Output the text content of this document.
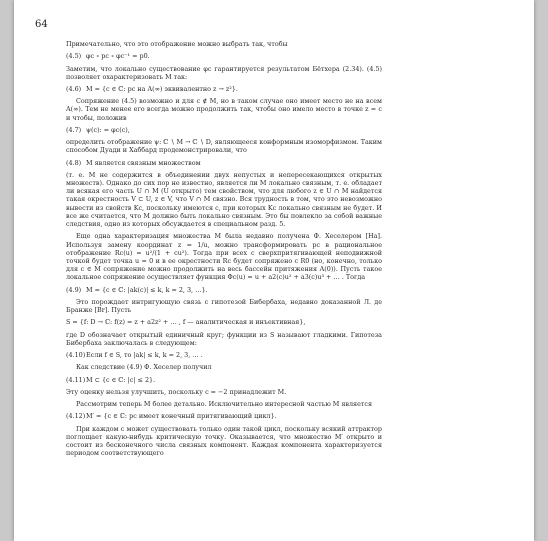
64

Примечательно, что это отображение можно выбрать так, чтобы

(4.5) φc ∘ pc ∘ φc⁻¹ = p0.

Заметим, что локально существование φc гарантируется результатом Бётхера (2.34). (4.5) позволяет охарактеризовать M так:

(4.6) M = {c ∈ ℂ: pc на A(∞) эквивалентно z → z²}.

Сопряжение (4.5) возможно и для c ∉ M, но в таком случае оно имеет место не на всем A(∞). Тем не менее его всегда можно продолжить так, чтобы оно имело место в точке z = c и чтобы, положив

(4.7) ψ(c): = φc(c),

определить отображение ψ: ℂ ∖ M → ℂ ∖ D, являющееся конформным изоморфизмом. Таким способом Дуади и Хаббард продемонстрировали, что

(4.8) M является связным множеством

(т. е. M не содержится в объединении двух непустых и непересекающихся открытых множеств). Однако до сих пор не известно, является ли M локально связным, т. е. обладает ли всякая его часть U ∩ M (U открыто) тем свойством, что для любого z ∈ U ∩ M найдется такая окрестность V ⊂ U, z ∈ V, что V ∩ M связно. Вся трудность в том, что это невозможно вывести из свойств Kc, поскольку имеются c, при которых Kc локально связным не будет. И все же считается, что M должно быть локально связным. Это бы повлекло за собой важные следствия, одно из которых обсуждается в специальном разд. 5.

Еще одна характеризация множества M была недавно получена Ф. Хеселером [На]. Используя замену координат z = 1/u, можно трансформировать pc в рациональное отображение Rc(u) = u²/(1 + cu²). Тогда при всех c сверхпритягивающей неподвижной точкой будет точка u = 0 и в ее окрестности Rc будет сопряжено с R0 (но, конечно, только для c ∈ M сопряжение можно продолжить на весь бассейн притяжения A(0)). Пусть такое локальное сопряжение осуществляет функция Φc(u) = u + a2(c)u² + a3(c)u³ + … . Тогда

(4.9) M = {c ∈ ℂ: |ak(c)| ≤ k, k = 2, 3, …}.

Это порождает интригующую связь с гипотезой Бибербаха, недавно доказанной Л. де Бранже [Br]. Пусть

S = {f: D → ℂ: f(z) = z + a2z² + … , f — аналитическая и инъективная},

где D обозначает открытый единичный круг; функции из S называют гладкими. Гипотеза Бибербаха заключалась в следующем:

(4.10) Если f ∈ S, то |ak| ≤ k, k = 2, 3, … .

Как следствие (4.9) Ф. Хеселер получил

(4.11) M ⊂ {c ∈ ℂ: |c| ≤ 2}.

Эту оценку нельзя улучшить, поскольку c = −2 принадлежит M.

Рассмотрим теперь M более детально. Исключительно интересной частью M является

(4.12) M′ = {c ∈ ℂ: pc имеет конечный притягивающий цикл}.

При каждом c может существовать только один такой цикл, поскольку всякий аттрактор поглощает какую-нибудь критическую точку. Оказывается, что множество M′ открыто и состоит из бесконечного числа связных компонент. Каждая компонента характеризуется периодом соответствующего
